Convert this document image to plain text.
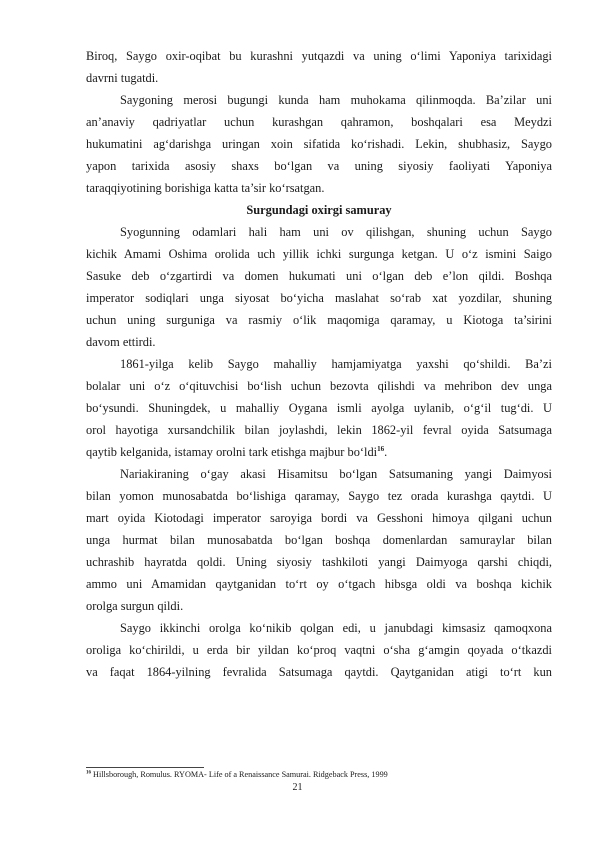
Biroq, Saygo oxir-oqibat bu kurashni yutqazdi va uning o‘limi Yaponiya tarixidagi
davrni tugatdi.
Saygoning merosi bugungi kunda ham muhokama qilinmoqda. Ba’zilar uni
an’anaviy qadriyatlar uchun kurashgan qahramon, boshqalari esa Meydzi
hukumatini ag‘darishga uringan xoin sifatida ko‘rishadi. Lekin, shubhasiz, Saygo
yapon tarixida asosiy shaxs bo‘lgan va uning siyosiy faoliyati Yaponiya
taraqqiyotining borishiga katta ta’sir ko‘rsatgan.
Surgundagi oxirgi samuray
Syogunning odamlari hali ham uni ov qilishgan, shuning uchun Saygo
kichik Amami Oshima orolida uch yillik ichki surgunga ketgan. U o‘z ismini Saigo
Sasuke deb o‘zgartirdi va domen hukumati uni o‘lgan deb e’lon qildi. Boshqa
imperator sodiqlari unga siyosat bo‘yicha maslahat so‘rab xat yozdilar, shuning
uchun uning surguniga va rasmiy o‘lik maqomiga qaramay, u Kiotoga ta’sirini
davom ettirdi.
1861-yilga kelib Saygo mahalliy hamjamiyatga yaxshi qo‘shildi. Ba’zi
bolalar uni o‘z o‘qituvchisi bo‘lish uchun bezovta qilishdi va mehribon dev unga
bo‘ysundi. Shuningdek, u mahalliy Oygana ismli ayolga uylanib, o‘g‘il tug‘di. U
orol hayotiga xursandchilik bilan joylashdi, lekin 1862-yil fevral oyida Satsumaga
qaytib kelganida, istamay orolni tark etishga majbur bo‘ldi$^{16}$.
Nariakiraning o‘gay akasi Hisamitsu bo‘lgan Satsumaning yangi Daimyosi
bilan yomon munosabatda bo‘lishiga qaramay, Saygo tez orada kurashga qaytdi. U
mart oyida Kiotodagi imperator saroyiga bordi va Gesshoni himoya qilgani uchun
unga hurmat bilan munosabatda bo‘lgan boshqa domenlardan samuraylar bilan
uchrashib hayratda qoldi. Uning siyosiy tashkiloti yangi Daimyoga qarshi chiqdi,
ammo uni Amamidan qaytganidan to‘rt oy o‘tgach hibsga oldi va boshqa kichik
orolga surgun qildi.
Saygo ikkinchi orolga ko‘nikib qolgan edi, u janubdagi kimsasiz qamoqxona
oroliga ko‘chirildi, u erda bir yildan ko‘proq vaqtni o‘sha g‘amgin qoyada o‘tkazdi
va faqat 1864-yilning fevralida Satsumaga qaytdi. Qaytganidan atigi to‘rt kun
$^{16}$ Hillsborough, Romulus. RYOMA- Life of a Renaissance Samurai. Ridgeback Press, 1999
21
